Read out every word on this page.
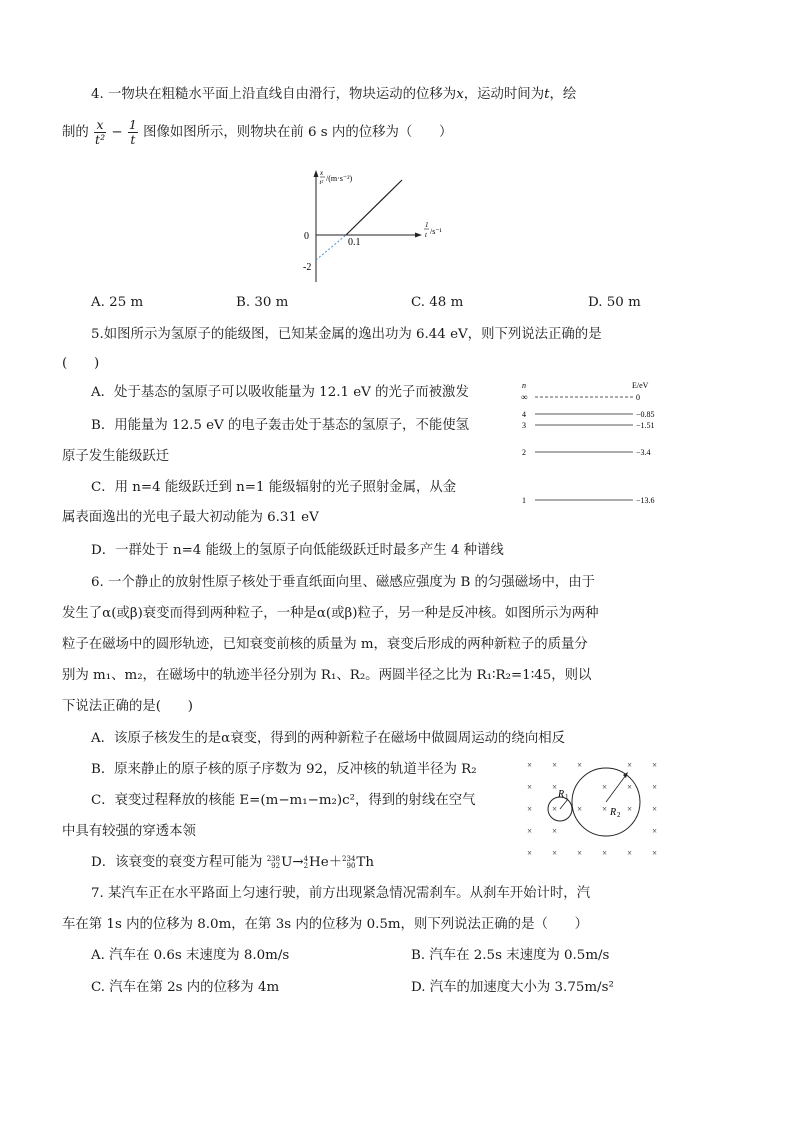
4. 一物块在粗糙水平面上沿直线自由滑行，物块运动的位移为x，运动时间为t，绘
制的 $\frac{x}{\text{t²}} - \frac{1}{t}$ 图像如图所示，则物块在前 6 s 内的位移为（　　）
x
t² /(m·s⁻²)
1
t /s⁻¹
0
0.1
-2
A. 25 m	B. 30 m	C. 48 m	D. 50 m
5.如图所示为氢原子的能级图，已知某金属的逸出功为 6.44 eV，则下列说法正确的是
(　　)
A．处于基态的氢原子可以吸收能量为 12.1 eV 的光子而被激发
B．用能量为 12.5 eV 的电子轰击处于基态的氢原子，不能使氢
原子发生能级跃迁
C．用 n=4 能级跃迁到 n=1 能级辐射的光子照射金属，从金
属表面逸出的光电子最大初动能为 6.31 eV
D．一群处于 n=4 能级上的氢原子向低能级跃迁时最多产生 4 种谱线
n	E/eV
∞	0
4	−0.85
3	−1.51
2	−3.4
1	−13.6
6. 一个静止的放射性原子核处于垂直纸面向里、磁感应强度为 B 的匀强磁场中，由于
发生了α(或β)衰变而得到两种粒子，一种是α(或β)粒子，另一种是反冲核。如图所示为两种
粒子在磁场中的圆形轨迹，已知衰变前核的质量为 m，衰变后形成的两种新粒子的质量分
别为 m₁、m₂，在磁场中的轨迹半径分别为 R₁、R₂。两圆半径之比为 R₁∶R₂=1∶45，则以
下说法正确的是(　　)
A．该原子核发生的是α衰变，得到的两种新粒子在磁场中做圆周运动的绕向相反
B．原来静止的原子核的原子序数为 92，反冲核的轨道半径为 R₂
C．衰变过程释放的核能 E=(m−m₁−m₂)c²，得到的射线在空气
中具有较强的穿透本领
D．该衰变的衰变方程可能为 238
92 U→ 4
2 He＋ 234
90 Th
× × ×	× ×
× ×	× × ×
× × × × × ×
× ×	×
× × × × × ×
R 1
R 2
7. 某汽车正在水平路面上匀速行驶，前方出现紧急情况需刹车。从刹车开始计时，汽
车在第 1s 内的位移为 8.0m，在第 3s 内的位移为 0.5m，则下列说法正确的是（　　）
A. 汽车在 0.6s 末速度为 8.0m/s	B. 汽车在 2.5s 末速度为 0.5m/s
C. 汽车在第 2s 内的位移为 4m	D. 汽车的加速度大小为 3.75m/s²
